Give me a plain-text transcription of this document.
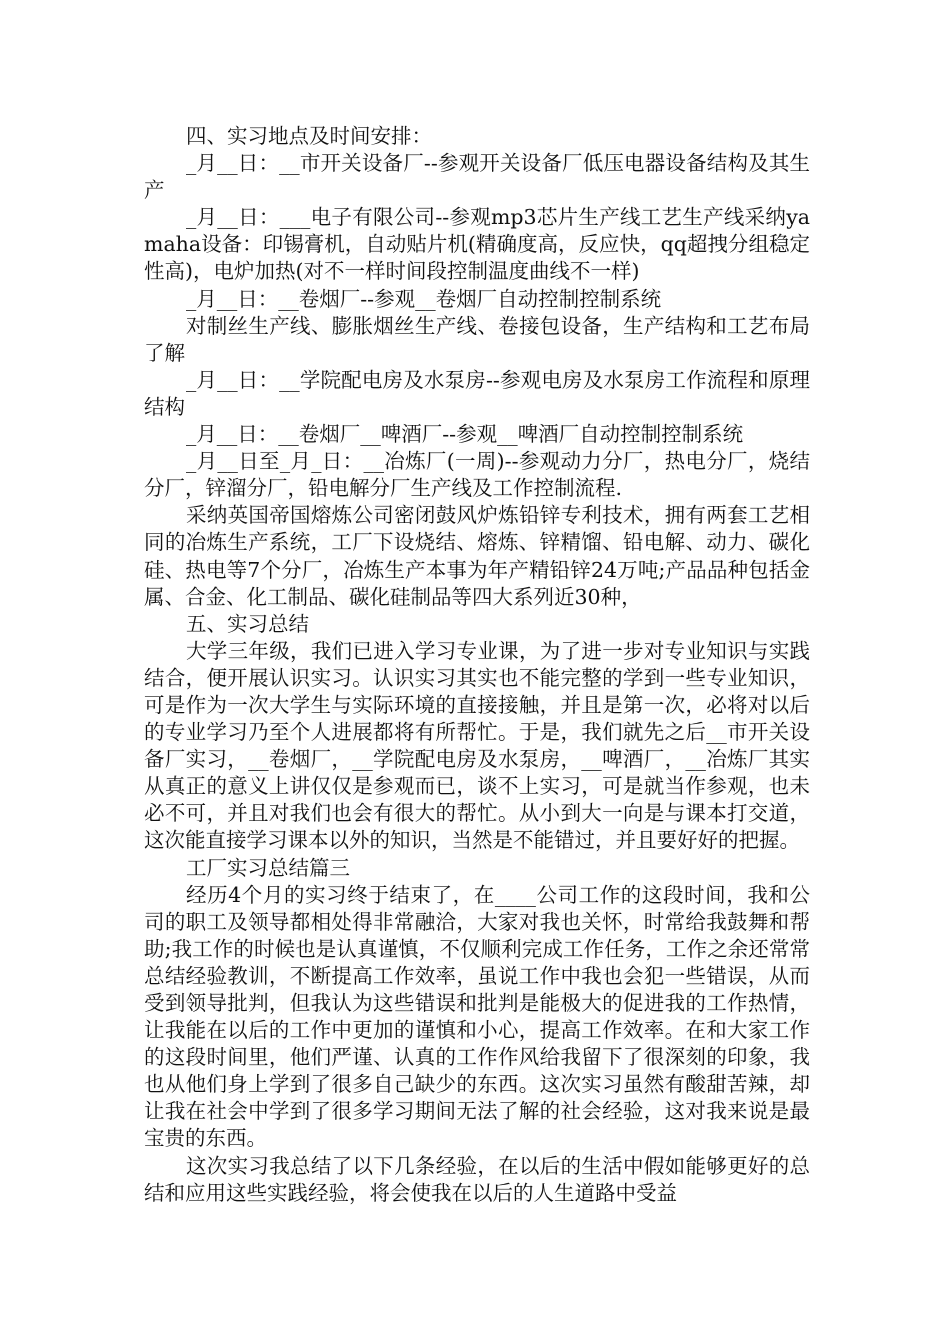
四、实习地点及时间安排：

_月__日：__市开关设备厂--参观开关设备厂低压电器设备结构及其生产

_月__日：___电子有限公司--参观mp3芯片生产线工艺生产线采纳yamaha设备：印锡膏机，自动贴片机(精确度高，反应快，qq超拽分组稳定性高)，电炉加热(对不一样时间段控制温度曲线不一样)

_月__日：__卷烟厂--参观__卷烟厂自动控制控制系统

对制丝生产线、膨胀烟丝生产线、卷接包设备，生产结构和工艺布局了解

_月__日：__学院配电房及水泵房--参观电房及水泵房工作流程和原理结构

_月__日：__卷烟厂__啤酒厂--参观__啤酒厂自动控制控制系统

_月__日至_月_日：__冶炼厂(一周)--参观动力分厂，热电分厂，烧结分厂，锌溜分厂，铅电解分厂生产线及工作控制流程.

采纳英国帝国熔炼公司密闭鼓风炉炼铅锌专利技术，拥有两套工艺相同的冶炼生产系统，工厂下设烧结、熔炼、锌精馏、铅电解、动力、碳化硅、热电等7个分厂，冶炼生产本事为年产精铅锌24万吨;产品品种包括金属、合金、化工制品、碳化硅制品等四大系列近30种，

五、实习总结

大学三年级，我们已进入学习专业课，为了进一步对专业知识与实践结合，便开展认识实习。认识实习其实也不能完整的学到一些专业知识，可是作为一次大学生与实际环境的直接接触，并且是第一次，必将对以后的专业学习乃至个人进展都将有所帮忙。于是，我们就先之后__市开关设备厂实习，__卷烟厂，__学院配电房及水泵房，__啤酒厂，__冶炼厂其实从真正的意义上讲仅仅是参观而已，谈不上实习，可是就当作参观，也未必不可，并且对我们也会有很大的帮忙。从小到大一向是与课本打交道，这次能直接学习课本以外的知识，当然是不能错过，并且要好好的把握。

工厂实习总结篇三

经历4个月的实习终于结束了，在____公司工作的这段时间，我和公司的职工及领导都相处得非常融洽，大家对我也关怀，时常给我鼓舞和帮助;我工作的时候也是认真谨慎，不仅顺利完成工作任务，工作之余还常常总结经验教训，不断提高工作效率，虽说工作中我也会犯一些错误，从而受到领导批判，但我认为这些错误和批判是能极大的促进我的工作热情，让我能在以后的工作中更加的谨慎和小心，提高工作效率。在和大家工作的这段时间里，他们严谨、认真的工作作风给我留下了很深刻的印象，我也从他们身上学到了很多自己缺少的东西。这次实习虽然有酸甜苦辣，却让我在社会中学到了很多学习期间无法了解的社会经验，这对我来说是最宝贵的东西。

这次实习我总结了以下几条经验，在以后的生活中假如能够更好的总结和应用这些实践经验，将会使我在以后的人生道路中受益
